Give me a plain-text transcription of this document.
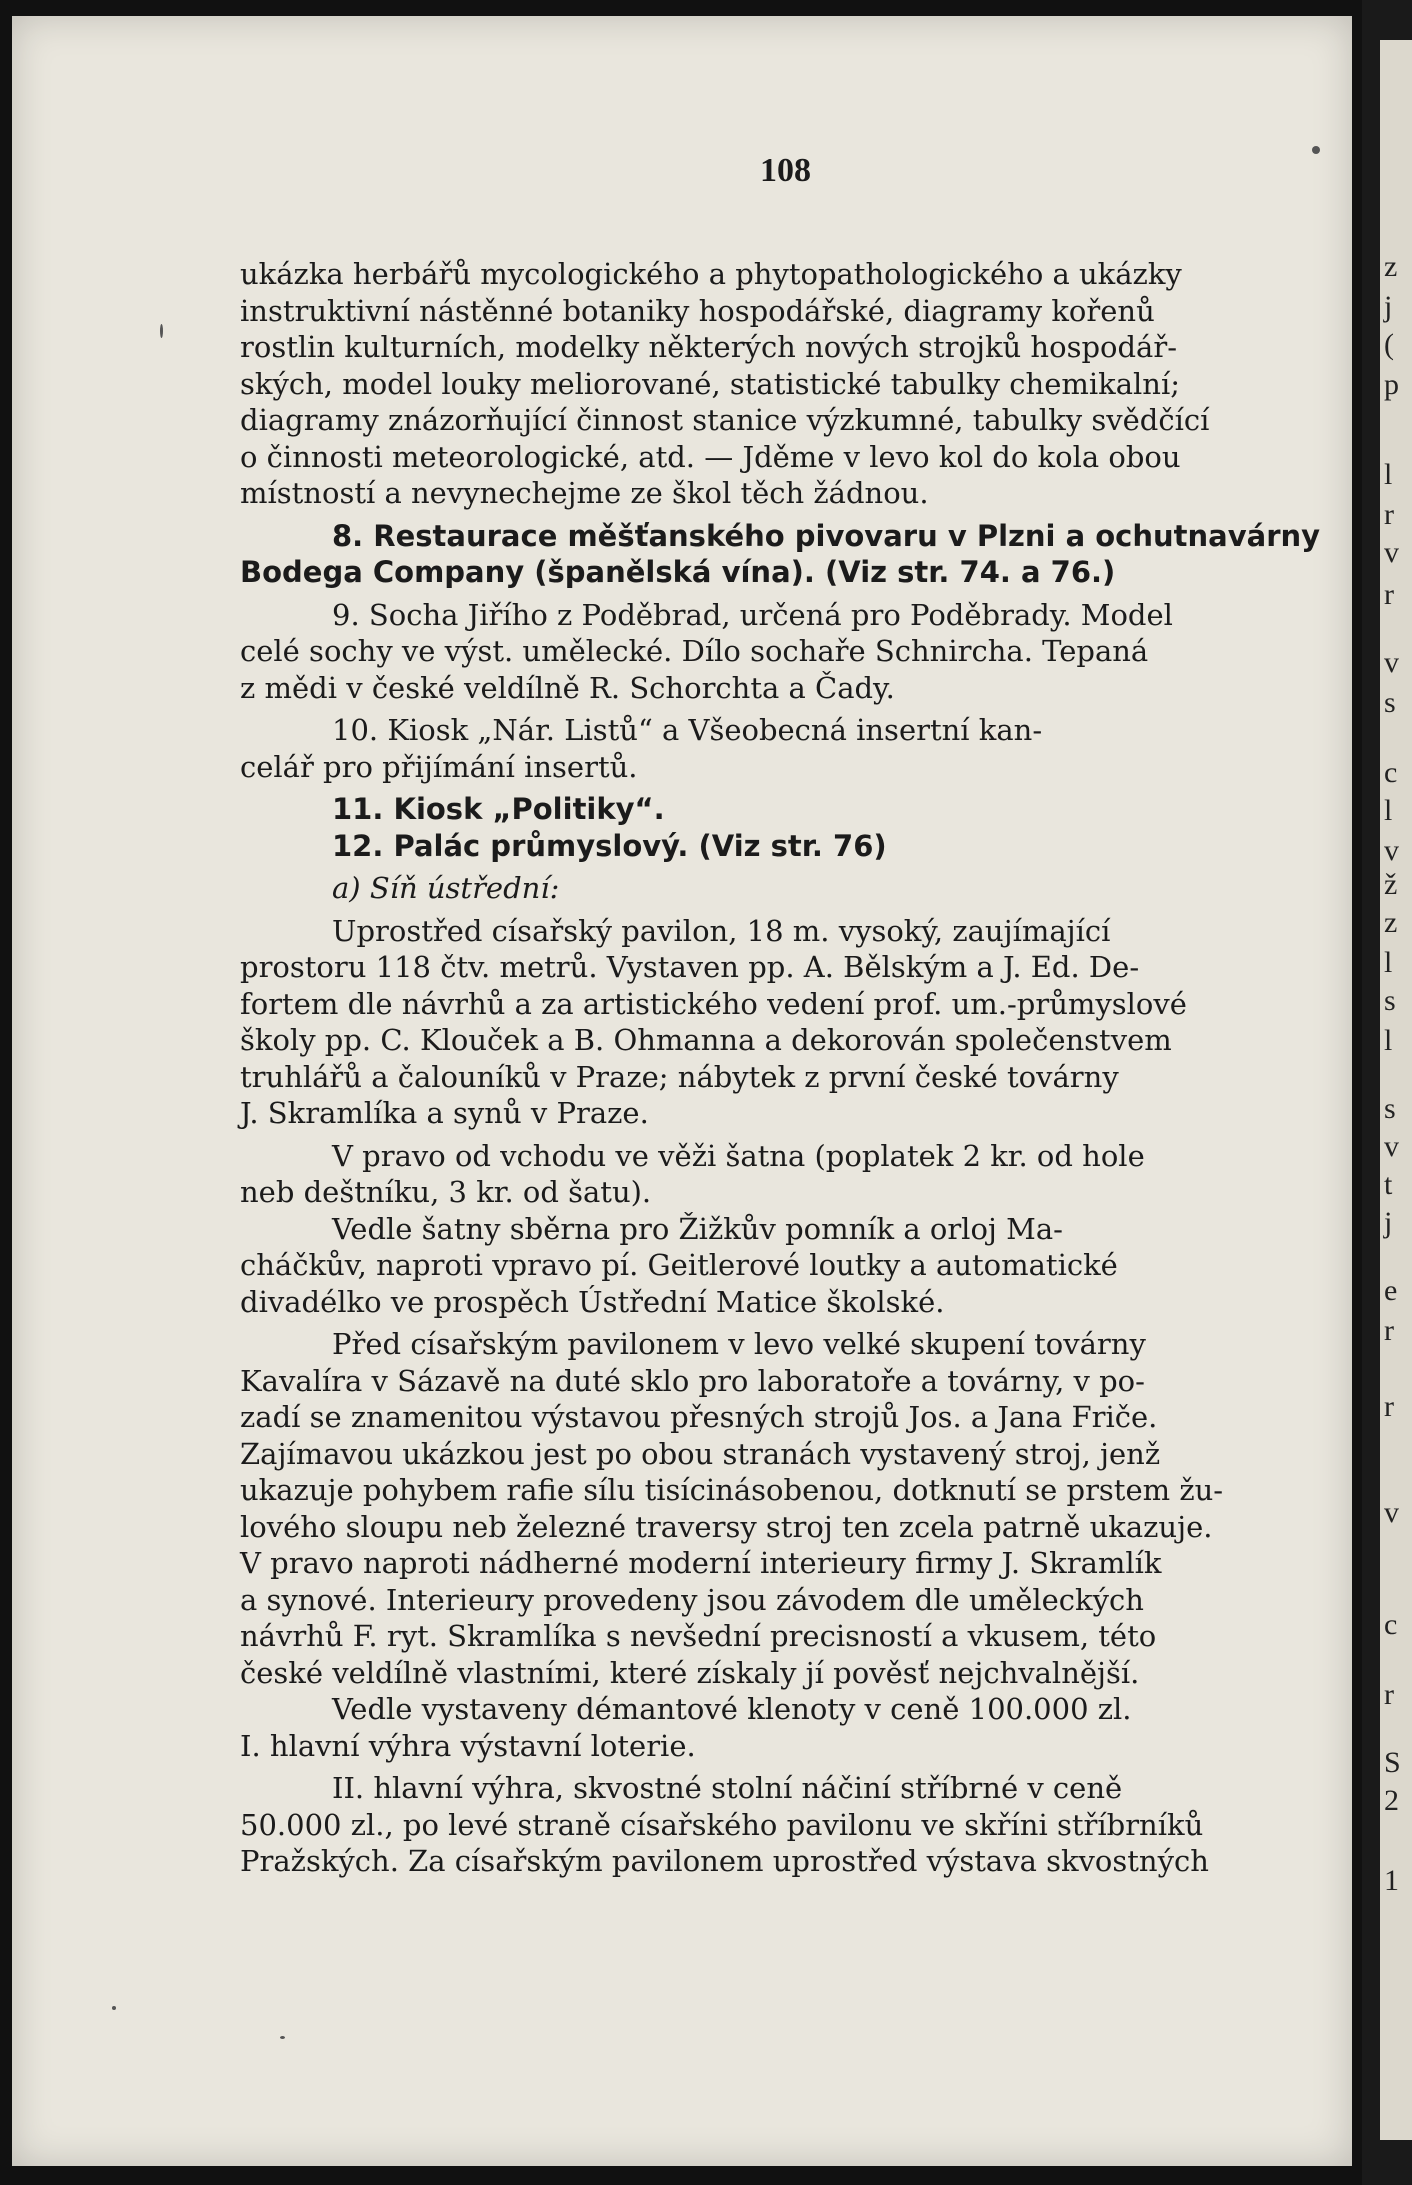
108
ukázka herbářů mycologického a phytopathologického a ukázky
instruktivní nástěnné botaniky hospodářské, diagramy kořenů
rostlin kulturních, modelky některých nových strojků hospodář-
ských, model louky meliorované, statistické tabulky chemikalní;
diagramy znázorňující činnost stanice výzkumné, tabulky svědčící
o činnosti meteorologické, atd. — Jděme v levo kol do kola obou
místností a nevynechejme ze škol těch žádnou.
8. Restaurace měšťanského pivovaru v Plzni a ochutnavárny
Bodega Company (španělská vína). (Viz str. 74. a 76.)
9. Socha Jiřího z Poděbrad, určená pro Poděbrady. Model
celé sochy ve výst. umělecké. Dílo sochaře Schnircha. Tepaná
z mědi v české veldílně R. Schorchta a Čady.
10. Kiosk „Nár. Listů“ a Všeobecná insertní kan-
celář pro přijímání insertů.
11. Kiosk „Politiky“.
12. Palác průmyslový. (Viz str. 76)
a) Síň ústřední:
Uprostřed císařský pavilon, 18 m. vysoký, zaujímající
prostoru 118 čtv. metrů. Vystaven pp. A. Bělským a J. Ed. De-
fortem dle návrhů a za artistického vedení prof. um.-průmyslové
školy pp. C. Klouček a B. Ohmanna a dekorován společenstvem
truhlářů a čalouníků v Praze; nábytek z první české továrny
J. Skramlíka a synů v Praze.
V pravo od vchodu ve věži šatna (poplatek 2 kr. od hole
neb deštníku, 3 kr. od šatu).
Vedle šatny sběrna pro Žižkův pomník a orloj Ma-
cháčkův, naproti vpravo pí. Geitlerové loutky a automatické
divadélko ve prospěch Ústřední Matice školské.
Před císařským pavilonem v levo velké skupení továrny
Kavalíra v Sázavě na duté sklo pro laboratoře a továrny, v po-
zadí se znamenitou výstavou přesných strojů Jos. a Jana Friče.
Zajímavou ukázkou jest po obou stranách vystavený stroj, jenž
ukazuje pohybem rafie sílu tisícinásobenou, dotknutí se prstem žu-
lového sloupu neb železné traversy stroj ten zcela patrně ukazuje.
V pravo naproti nádherné moderní interieury firmy J. Skramlík
a synové. Interieury provedeny jsou závodem dle uměleckých
návrhů F. ryt. Skramlíka s nevšední precisností a vkusem, této
české veldílně vlastními, které získaly jí pověsť nejchvalnější.
Vedle vystaveny démantové klenoty v ceně 100.000 zl.
I. hlavní výhra výstavní loterie.
II. hlavní výhra, skvostné stolní náčiní stříbrné v ceně
50.000 zl., po levé straně císařského pavilonu ve skříni stříbrníků
Pražských. Za císařským pavilonem uprostřed výstava skvostných
z
j
(
p
l
r
v
r
v
s
c
l
v
ž
z
l
s
l
s
v
t
j
e
r
r
v
c
r
S
2
1
